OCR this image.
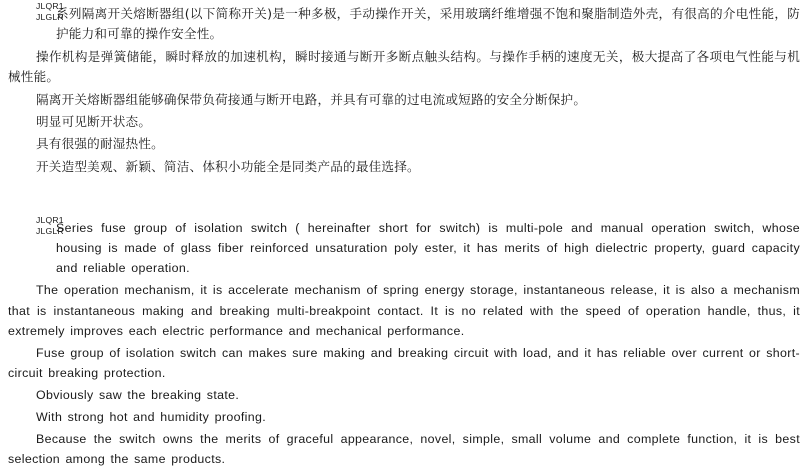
JLQR1
JLGLR
系列隔离开关熔断器组(以下简称开关)是一种多极，手动操作开关，采用玻璃纤维增强不饱和聚脂制造外壳，有很高的介电性能，防护能力和可靠的操作安全性。

操作机构是弹簧储能，瞬时释放的加速机构，瞬时接通与断开多断点触头结构。与操作手柄的速度无关，极大提高了各项电气性能与机械性能。

隔离开关熔断器组能够确保带负荷接通与断开电路，并具有可靠的过电流或短路的安全分断保护。

明显可见断开状态。

具有很强的耐湿热性。

开关造型美观、新颖、简洁、体积小功能全是同类产品的最佳选择。

JLQR1
JLGLR
Series fuse group of isolation switch ( hereinafter short for switch) is multi-pole and manual operation switch, whose housing is made of glass fiber reinforced unsaturation poly ester, it has merits of high dielectric property, guard capacity and reliable operation.

The operation mechanism, it is accelerate mechanism of spring energy storage, instantaneous release, it is also a mechanism that is instantaneous making and breaking multi-breakpoint contact. It is no related with the speed of operation handle, thus, it extremely improves each electric performance and mechanical performance.

Fuse group of isolation switch can makes sure making and breaking circuit with load, and it has reliable over current or short-circuit breaking protection.

Obviously saw the breaking state.

With strong hot and humidity proofing.

Because the switch owns the merits of graceful appearance, novel, simple, small volume and complete function, it is best selection among the same products.
